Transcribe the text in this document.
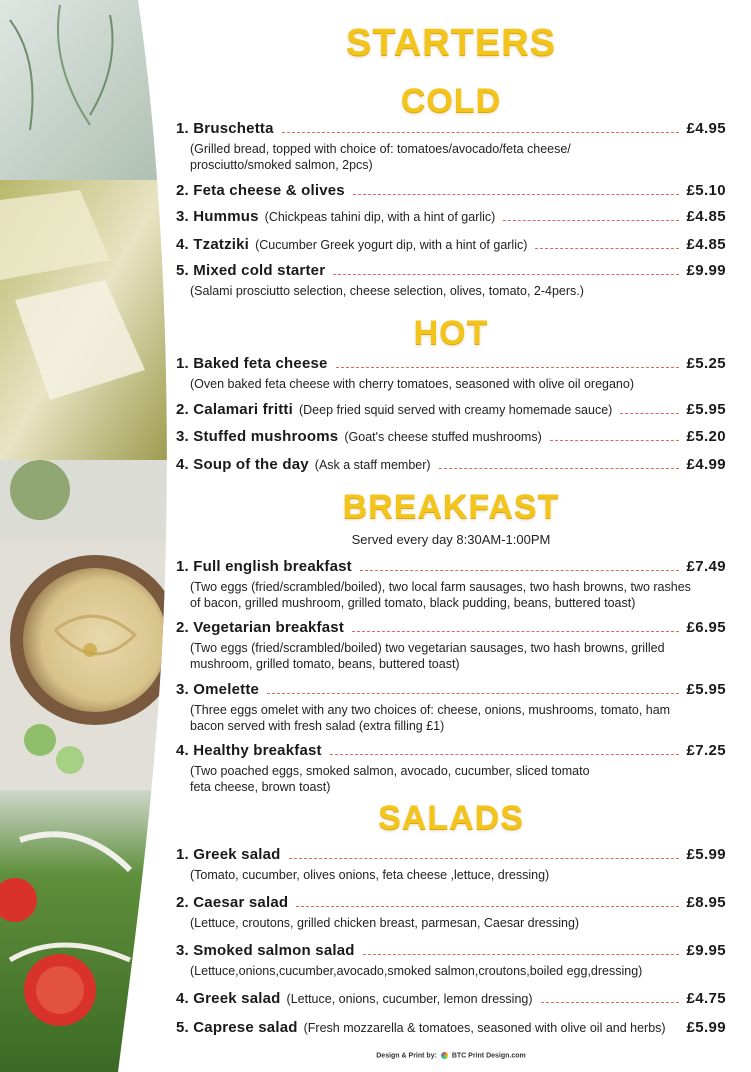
STARTERS
COLD
1. Bruschetta	£4.95
(Grilled bread, topped with choice of: tomatoes/avocado/feta cheese/
prosciutto/smoked salmon, 2pcs)
2. Feta cheese & olives	£5.10
3. Hummus (Chickpeas tahini dip, with a hint of garlic)	£4.85
4. Tzatziki (Cucumber Greek yogurt dip, with a hint of garlic)	£4.85
5. Mixed cold starter	£9.99
(Salami prosciutto selection, cheese selection, olives, tomato, 2-4pers.)
HOT
1. Baked feta cheese	£5.25
(Oven baked feta cheese with cherry tomatoes, seasoned with olive oil oregano)
2. Calamari fritti (Deep fried squid served with creamy homemade sauce)	£5.95
3. Stuffed mushrooms (Goat's cheese stuffed mushrooms)	£5.20
4. Soup of the day (Ask a staff member)	£4.99
BREAKFAST
Served every day 8:30AM-1:00PM
1. Full english breakfast	£7.49
(Two eggs (fried/scrambled/boiled), two local farm sausages, two hash browns, two rashes
of bacon, grilled mushroom, grilled tomato, black pudding, beans, buttered toast)
2. Vegetarian breakfast	£6.95
(Two eggs (fried/scrambled/boiled) two vegetarian sausages, two hash browns, grilled
mushroom, grilled tomato, beans, buttered toast)
3. Omelette	£5.95
(Three eggs omelet with any two choices of: cheese, onions, mushrooms, tomato, ham
bacon served with fresh salad (extra filling £1)
4. Healthy breakfast	£7.25
(Two poached eggs, smoked salmon, avocado, cucumber, sliced tomato
feta cheese, brown toast)
SALADS
1. Greek salad	£5.99
(Tomato, cucumber, olives onions, feta cheese ,lettuce, dressing)
2. Caesar salad	£8.95
(Lettuce, croutons, grilled chicken breast, parmesan, Caesar dressing)
3. Smoked salmon salad	£9.95
(Lettuce,onions,cucumber,avocado,smoked salmon,croutons,boiled egg,dressing)
4. Greek salad (Lettuce, onions, cucumber, lemon dressing)	£4.75
5. Caprese salad (Fresh mozzarella & tomatoes, seasoned with olive oil and herbs) £5.99
Design & Print by: BTC Print Design.com
